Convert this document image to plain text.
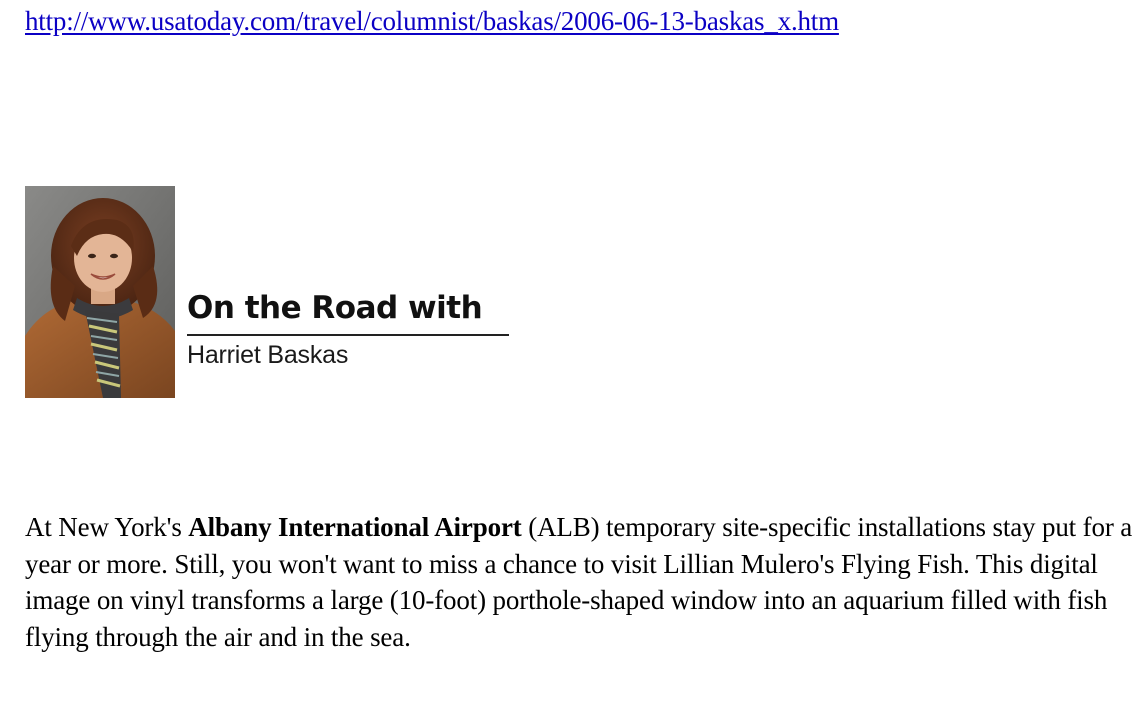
http://www.usatoday.com/travel/columnist/baskas/2006-06-13-baskas_x.htm
On the Road with
Harriet Baskas

At New York's Albany International Airport (ALB) temporary site-specific installations stay put for a year or more. Still, you won't want to miss a chance to visit Lillian Mulero's Flying Fish. This digital image on vinyl transforms a large (10-foot) porthole-shaped window into an aquarium filled with fish flying through the air and in the sea.
